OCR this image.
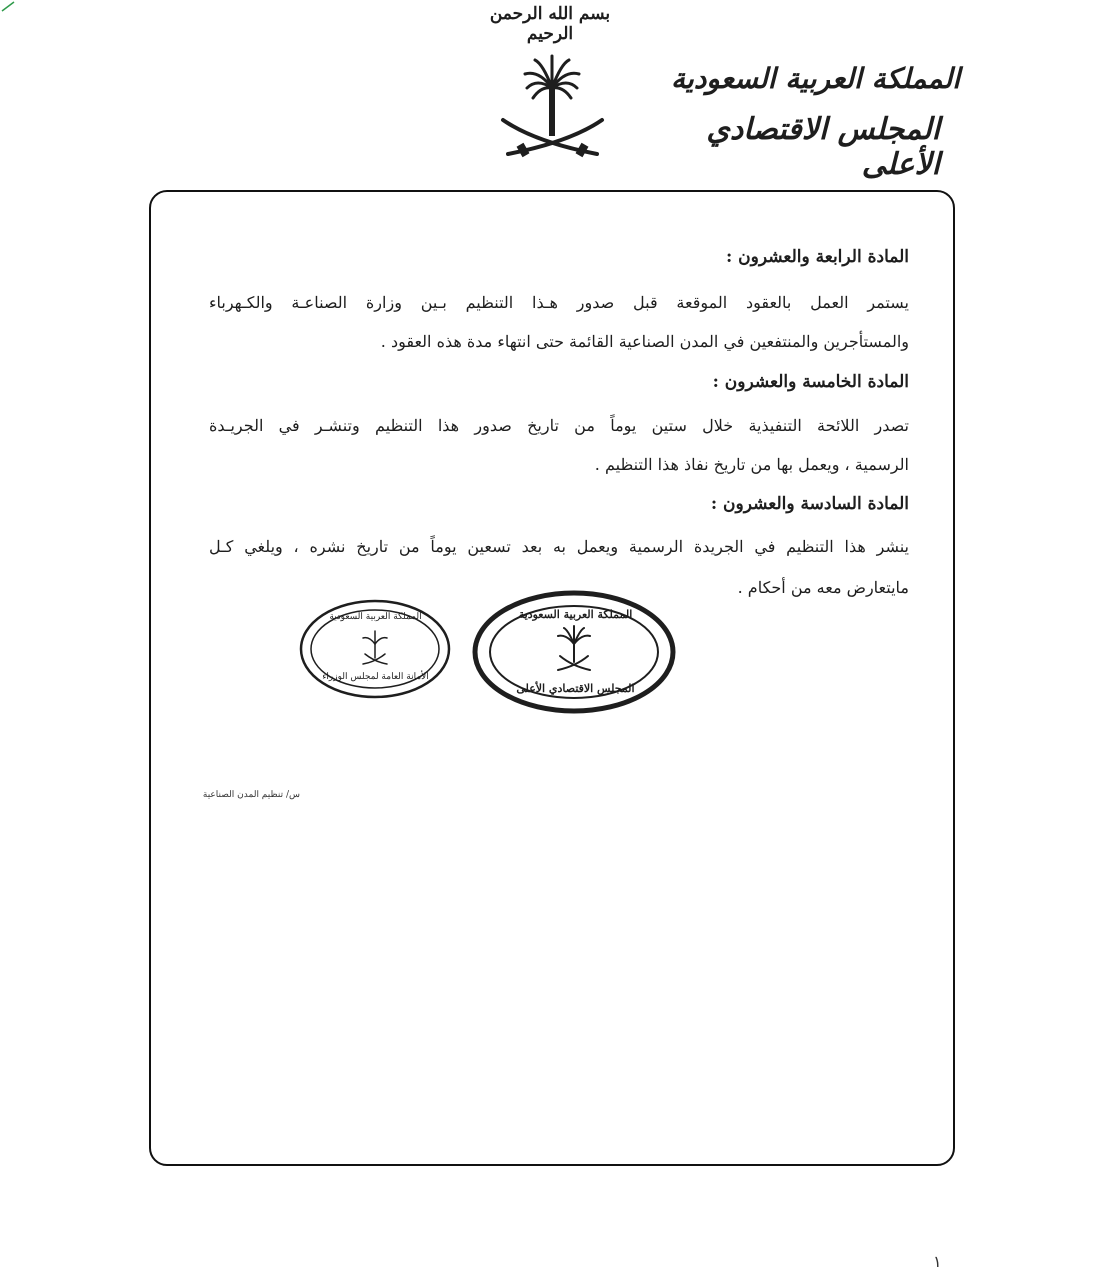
بسم الله الرحمن الرحيم
المملكة العربية السعودية
المجلس الاقتصادي الأعلى
المادة الرابعة والعشرون :
يستمر العمل بالعقود الموقعة قبل صدور هـذا التنظيم بـين وزارة الصناعـة والكـهرباء
والمستأجرين والمنتفعين في المدن الصناعية القائمة حتى انتهاء مدة هذه العقود .
المادة الخامسة والعشرون :
تصدر اللائحة التنفيذية خلال ستين يوماً من تاريخ صدور هذا التنظيم وتنشـر في الجريـدة
الرسمية ، ويعمل بها من تاريخ نفاذ هذا التنظيم .
المادة السادسة والعشرون :
ينشر هذا التنظيم في الجريدة الرسمية ويعمل به بعد تسعين يوماً من تاريخ نشره ، ويلغي كـل
مايتعارض معه من أحكام .
المملكة العربية السعودية
المجلس الاقتصادي الأعلى
المملكة العربية السعودية
الأمانة العامة لمجلس الوزراء
س/ تنظيم المدن الصناعية
١
